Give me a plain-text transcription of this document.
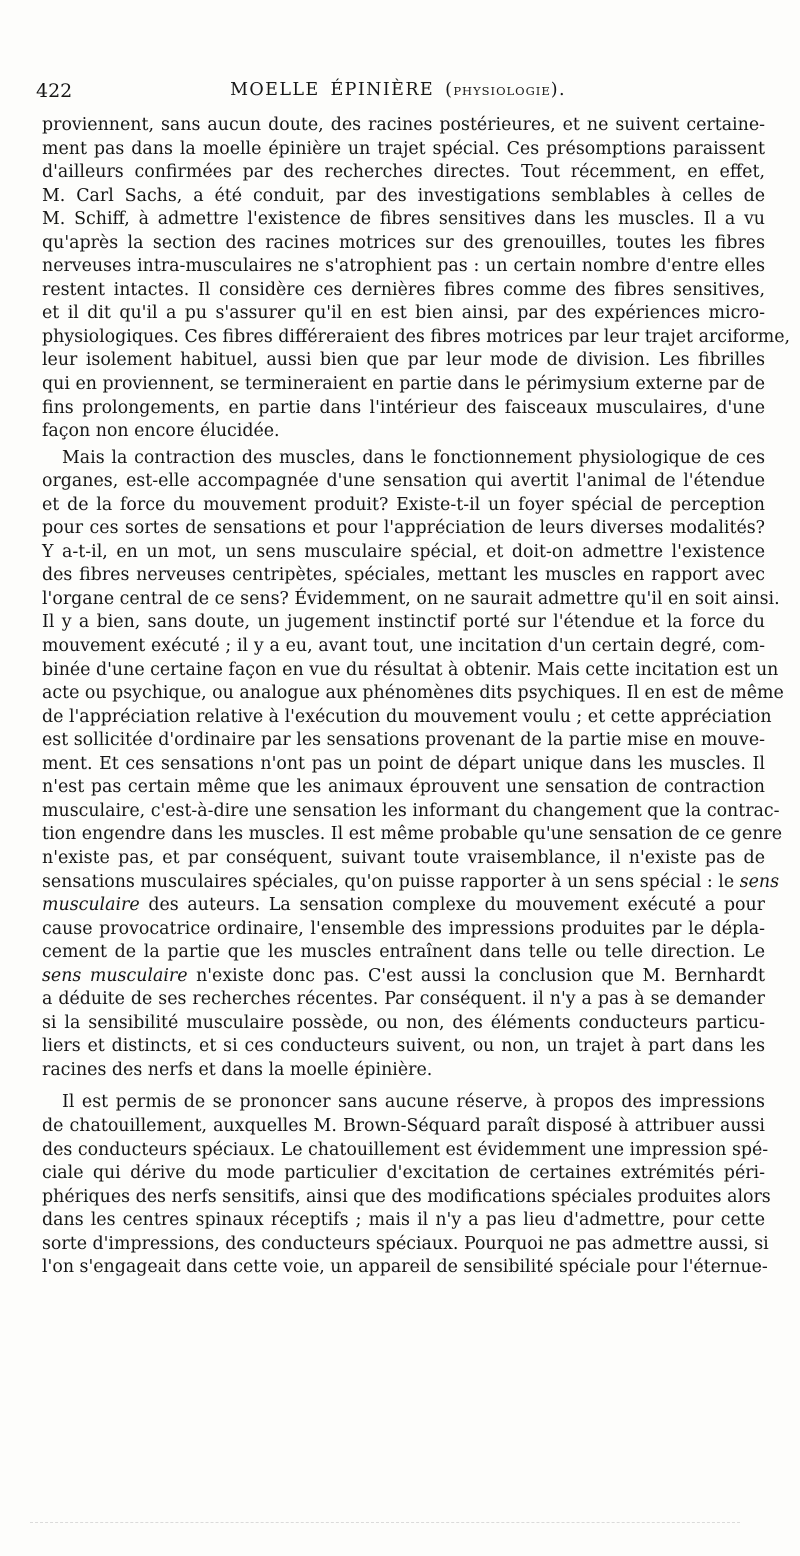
422	MOELLE ÉPINIÈRE (PHYSIOLOGIE).

proviennent, sans aucun doute, des racines postérieures, et ne suivent certaine-
ment pas dans la moelle épinière un trajet spécial. Ces présomptions paraissent
d'ailleurs confirmées par des recherches directes. Tout récemment, en effet,
M. Carl Sachs, a été conduit, par des investigations semblables à celles de
M. Schiff, à admettre l'existence de fibres sensitives dans les muscles. Il a vu
qu'après la section des racines motrices sur des grenouilles, toutes les fibres
nerveuses intra-musculaires ne s'atrophient pas : un certain nombre d'entre elles
restent intactes. Il considère ces dernières fibres comme des fibres sensitives,
et il dit qu'il a pu s'assurer qu'il en est bien ainsi, par des expériences micro-
physiologiques. Ces fibres différeraient des fibres motrices par leur trajet arciforme,
leur isolement habituel, aussi bien que par leur mode de division. Les fibrilles
qui en proviennent, se termineraient en partie dans le périmysium externe par de
fins prolongements, en partie dans l'intérieur des faisceaux musculaires, d'une
façon non encore élucidée.

Mais la contraction des muscles, dans le fonctionnement physiologique de ces
organes, est-elle accompagnée d'une sensation qui avertit l'animal de l'étendue
et de la force du mouvement produit? Existe-t-il un foyer spécial de perception
pour ces sortes de sensations et pour l'appréciation de leurs diverses modalités?
Y a-t-il, en un mot, un sens musculaire spécial, et doit-on admettre l'existence
des fibres nerveuses centripètes, spéciales, mettant les muscles en rapport avec
l'organe central de ce sens? Évidemment, on ne saurait admettre qu'il en soit ainsi.
Il y a bien, sans doute, un jugement instinctif porté sur l'étendue et la force du
mouvement exécuté ; il y a eu, avant tout, une incitation d'un certain degré, com-
binée d'une certaine façon en vue du résultat à obtenir. Mais cette incitation est un
acte ou psychique, ou analogue aux phénomènes dits psychiques. Il en est de même
de l'appréciation relative à l'exécution du mouvement voulu ; et cette appréciation
est sollicitée d'ordinaire par les sensations provenant de la partie mise en mouve-
ment. Et ces sensations n'ont pas un point de départ unique dans les muscles. Il
n'est pas certain même que les animaux éprouvent une sensation de contraction
musculaire, c'est-à-dire une sensation les informant du changement que la contrac-
tion engendre dans les muscles. Il est même probable qu'une sensation de ce genre
n'existe pas, et par conséquent, suivant toute vraisemblance, il n'existe pas de
sensations musculaires spéciales, qu'on puisse rapporter à un sens spécial : le sens
musculaire des auteurs. La sensation complexe du mouvement exécuté a pour
cause provocatrice ordinaire, l'ensemble des impressions produites par le dépla-
cement de la partie que les muscles entraînent dans telle ou telle direction. Le
sens musculaire n'existe donc pas. C'est aussi la conclusion que M. Bernhardt
a déduite de ses recherches récentes. Par conséquent. il n'y a pas à se demander
si la sensibilité musculaire possède, ou non, des éléments conducteurs particu-
liers et distincts, et si ces conducteurs suivent, ou non, un trajet à part dans les
racines des nerfs et dans la moelle épinière.

Il est permis de se prononcer sans aucune réserve, à propos des impressions
de chatouillement, auxquelles M. Brown-Séquard paraît disposé à attribuer aussi
des conducteurs spéciaux. Le chatouillement est évidemment une impression spé-
ciale qui dérive du mode particulier d'excitation de certaines extrémités péri-
phériques des nerfs sensitifs, ainsi que des modifications spéciales produites alors
dans les centres spinaux réceptifs ; mais il n'y a pas lieu d'admettre, pour cette
sorte d'impressions, des conducteurs spéciaux. Pourquoi ne pas admettre aussi, si
l'on s'engageait dans cette voie, un appareil de sensibilité spéciale pour l'éternue-
